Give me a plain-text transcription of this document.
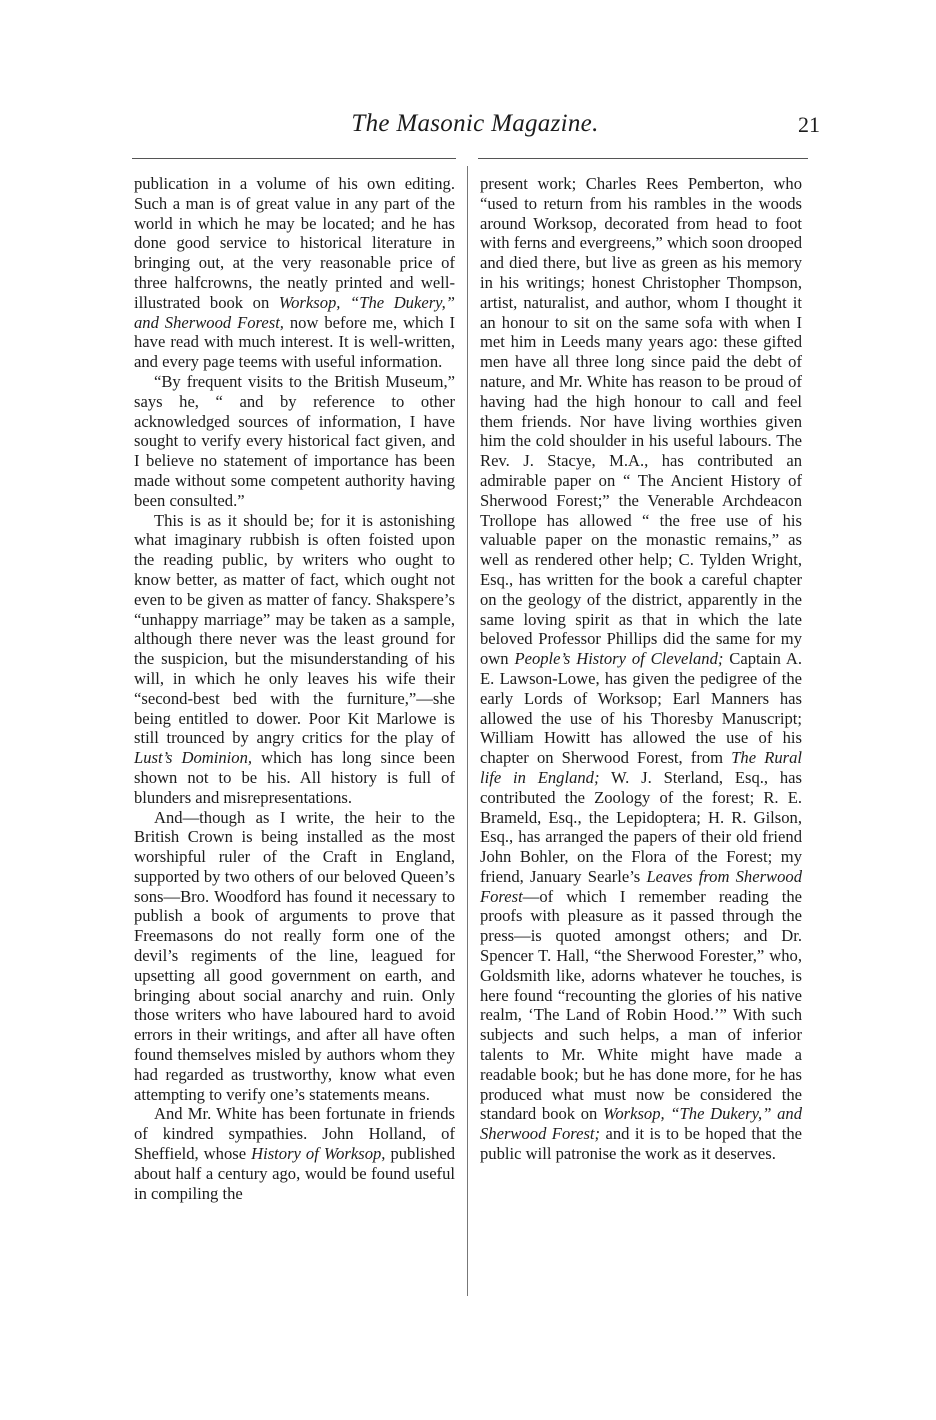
The Masonic Magazine.	21

publication in a volume of his own editing. Such a man is of great value in any part of the world in which he may be located; and he has done good service to historical literature in bringing out, at the very reasonable price of three halfcrowns, the neatly printed and well-illustrated book on Worksop, “The Dukery,” and Sherwood Forest, now before me, which I have read with much interest. It is well-written, and every page teems with useful information.

“By frequent visits to the British Museum,” says he, “ and by reference to other acknowledged sources of information, I have sought to verify every historical fact given, and I believe no statement of importance has been made without some competent authority having been consulted.”

This is as it should be; for it is astonishing what imaginary rubbish is often foisted upon the reading public, by writers who ought to know better, as matter of fact, which ought not even to be given as matter of fancy. Shakspere’s “unhappy marriage” may be taken as a sample, although there never was the least ground for the suspicion, but the misunderstanding of his will, in which he only leaves his wife their “second-best bed with the furniture,”—she being entitled to dower. Poor Kit Marlowe is still trounced by angry critics for the play of Lust’s Dominion, which has long since been shown not to be his. All history is full of blunders and misrepresentations.

And—though as I write, the heir to the British Crown is being installed as the most worshipful ruler of the Craft in England, supported by two others of our beloved Queen’s sons—Bro. Woodford has found it necessary to publish a book of arguments to prove that Freemasons do not really form one of the devil’s regiments of the line, leagued for upsetting all good government on earth, and bringing about social anarchy and ruin. Only those writers who have laboured hard to avoid errors in their writings, and after all have often found themselves misled by authors whom they had regarded as trustworthy, know what even attempting to verify one’s statements means.

And Mr. White has been fortunate in friends of kindred sympathies. John Holland, of Sheffield, whose History of Worksop, published about half a century ago, would be found useful in compiling the

present work; Charles Rees Pemberton, who “used to return from his rambles in the woods around Worksop, decorated from head to foot with ferns and evergreens,” which soon drooped and died there, but live as green as his memory in his writings; honest Christopher Thompson, artist, naturalist, and author, whom I thought it an honour to sit on the same sofa with when I met him in Leeds many years ago: these gifted men have all three long since paid the debt of nature, and Mr. White has reason to be proud of having had the high honour to call and feel them friends. Nor have living worthies given him the cold shoulder in his useful labours. The Rev. J. Stacye, M.A., has contributed an admirable paper on “ The Ancient History of Sherwood Forest;” the Venerable Archdeacon Trollope has allowed “ the free use of his valuable paper on the monastic remains,” as well as rendered other help; C. Tylden Wright, Esq., has written for the book a careful chapter on the geology of the district, apparently in the same loving spirit as that in which the late beloved Professor Phillips did the same for my own People’s History of Cleveland; Captain A. E. Lawson-Lowe, has given the pedigree of the early Lords of Worksop; Earl Manners has allowed the use of his Thoresby Manuscript; William Howitt has allowed the use of his chapter on Sherwood Forest, from The Rural life in England; W. J. Sterland, Esq., has contributed the Zoology of the forest; R. E. Brameld, Esq., the Lepidoptera; H. R. Gilson, Esq., has arranged the papers of their old friend John Bohler, on the Flora of the Forest; my friend, January Searle’s Leaves from Sherwood Forest—of which I remember reading the proofs with pleasure as it passed through the press—is quoted amongst others; and Dr. Spencer T. Hall, “the Sherwood Forester,” who, Goldsmith like, adorns whatever he touches, is here found “recounting the glories of his native realm, ‘The Land of Robin Hood.’” With such subjects and such helps, a man of inferior talents to Mr. White might have made a readable book; but he has done more, for he has produced what must now be considered the standard book on Worksop, “The Dukery,” and Sherwood Forest; and it is to be hoped that the public will patronise the work as it deserves.
